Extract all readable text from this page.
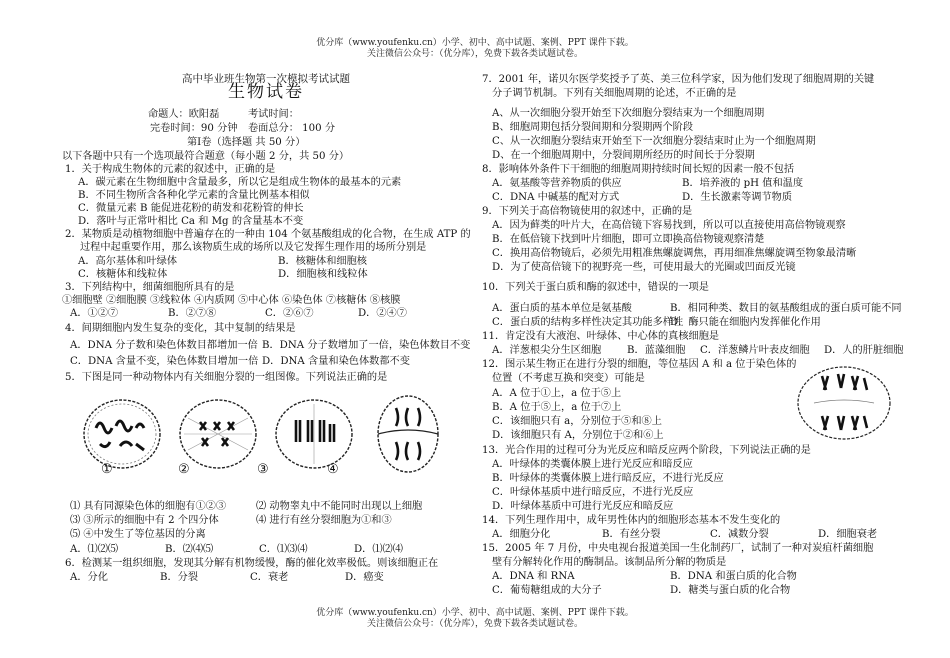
优分库（www.youfenku.cn）小学、初中、高中试题、案例、PPT 课件下载。
关注微信公众号：（优分库），免费下载各类试题试卷。
高中毕业班生物第一次模拟考试试题
生物试卷
命题人：欧阳磊	考试时间：
完卷时间：90 分钟 卷面总分： 100 分
第Ⅰ卷（选择题 共 50 分）
以下各题中只有一个选项最符合题意（每小题 2 分，共 50 分）
1．关于构成生物体的元素的叙述中，正确的是
A．碳元素在生物细胞中含量最多，所以它是组成生物体的最基本的元素
B．不同生物所含各种化学元素的含量比例基本相似
C．微量元素 B 能促进花粉的萌发和花粉管的伸长
D．落叶与正常叶相比 Ca 和 Mg 的含量基本不变
2．某物质是动植物细胞中普遍存在的一种由 104 个氨基酸组成的化合物，在生成 ATP 的
过程中起重要作用，那么该物质生成的场所以及它发挥生理作用的场所分别是
A．高尔基体和叶绿体	B．核糖体和细胞核
C．核糖体和线粒体	D．细胞核和线粒体
3．下列结构中，细菌细胞所具有的是
①细胞壁 ②细胞膜 ③线粒体 ④内质网 ⑤中心体 ⑥染色体 ⑦核糖体 ⑧核膜
A．①②⑦	B．②⑦⑧	C．②⑥⑦	D．②④⑦
4．间期细胞内发生复杂的变化，其中复制的结果是
A．DNA 分子数和染色体数目都增加一倍 B．DNA 分子数增加了一倍，染色体数目不变
C．DNA 含量不变，染色体数目增加一倍 D．DNA 含量和染色体数都不变
5．下图是同一种动物体内有关细胞分裂的一组图像。下列说法正确的是
①	②	③	④
⑴ 具有同源染色体的细胞有①②③	⑵ 动物睾丸中不能同时出现以上细胞
⑶ ③所示的细胞中有 2 个四分体	⑷ 进行有丝分裂细胞为①和③
⑸ ④中发生了等位基因的分离
A．⑴⑵⑸	B．⑵⑷⑸	C．⑴⑶⑷	D．⑴⑵⑷
6．检测某一组织细胞，发现其分解有机物缓慢，酶的催化效率极低。则该细胞正在
A．分化	B．分裂	C．衰老	D．癌变
7．2001 年，诺贝尔医学奖授予了英、美三位科学家，因为他们发现了细胞周期的关键
分子调节机制。下列有关细胞周期的论述，不正确的是
A、从一次细胞分裂开始至下次细胞分裂结束为一个细胞周期
B、细胞周期包括分裂间期和分裂期两个阶段
C、从一次细胞分裂结束开始至下一次细胞分裂结束时止为一个细胞周期
D、在一个细胞周期中，分裂间期所经历的时间长于分裂期
8．影响体外条件下干细胞的细胞周期持续时间长短的因素一般不包括
A．氨基酸等营养物质的供应	B．培养液的 pH 值和温度
C．DNA 中碱基的配对方式	D．生长激素等调节物质
9．下列关于高倍物镜使用的叙述中，正确的是
A．因为藓类的叶片大，在高倍镜下容易找到，所以可以直接使用高倍物镜观察
B．在低倍镜下找到叶片细胞，即可立即换高倍物镜观察清楚
C．换用高倍物镜后，必须先用粗准焦螺旋调焦，再用细准焦螺旋调至物象最清晰
D．为了使高倍镜下的视野亮一些，可使用最大的光圈或凹面反光镜
10．下列关于蛋白质和酶的叙述中，错误的一项是
A．蛋白质的基本单位是氨基酸	B．相同种类、数目的氨基酸组成的蛋白质可能不同
C．蛋白质的结构多样性决定其功能多样性
D．酶只能在细胞内发挥催化作用
11．肯定没有大液泡、叶绿体、中心体的真核细胞是
A．洋葱根尖分生区细胞	B．蓝藻细胞 C．洋葱鳞片叶表皮细胞 D．人的肝脏细胞
12．图示某生物正在进行分裂的细胞，等位基因 A 和 a 位于染色体的
位置（不考虑互换和突变）可能是
A．A 位于①上，a 位于⑤上
B．A 位于⑤上，a 位于⑦上
C．该细胞只有 a，分别位于⑤和⑧上
D．该细胞只有 A，分别位于②和⑥上
13．光合作用的过程可分为光反应和暗反应两个阶段，下列说法正确的是
A．叶绿体的类囊体膜上进行光反应和暗反应
B．叶绿体的类囊体膜上进行暗反应，不进行光反应
C．叶绿体基质中进行暗反应，不进行光反应
D．叶绿体基质中可进行光反应和暗反应
14．下列生理作用中，成年男性体内的细胞形态基本不发生变化的
A．细胞分化	B．有丝分裂	C．减数分裂	D．细胞衰老
15．2005 年 7 月份，中央电视台报道美国一生化制药厂，试制了一种对炭疽杆菌细胞
壁有分解转化作用的酶制品。该制品所分解的物质是
A．DNA 和 RNA	B．DNA 和蛋白质的化合物
C．葡萄糖组成的大分子	D．糖类与蛋白质的化合物
优分库（www.youfenku.cn）小学、初中、高中试题、案例、PPT 课件下载。
关注微信公众号：（优分库），免费下载各类试题试卷。
